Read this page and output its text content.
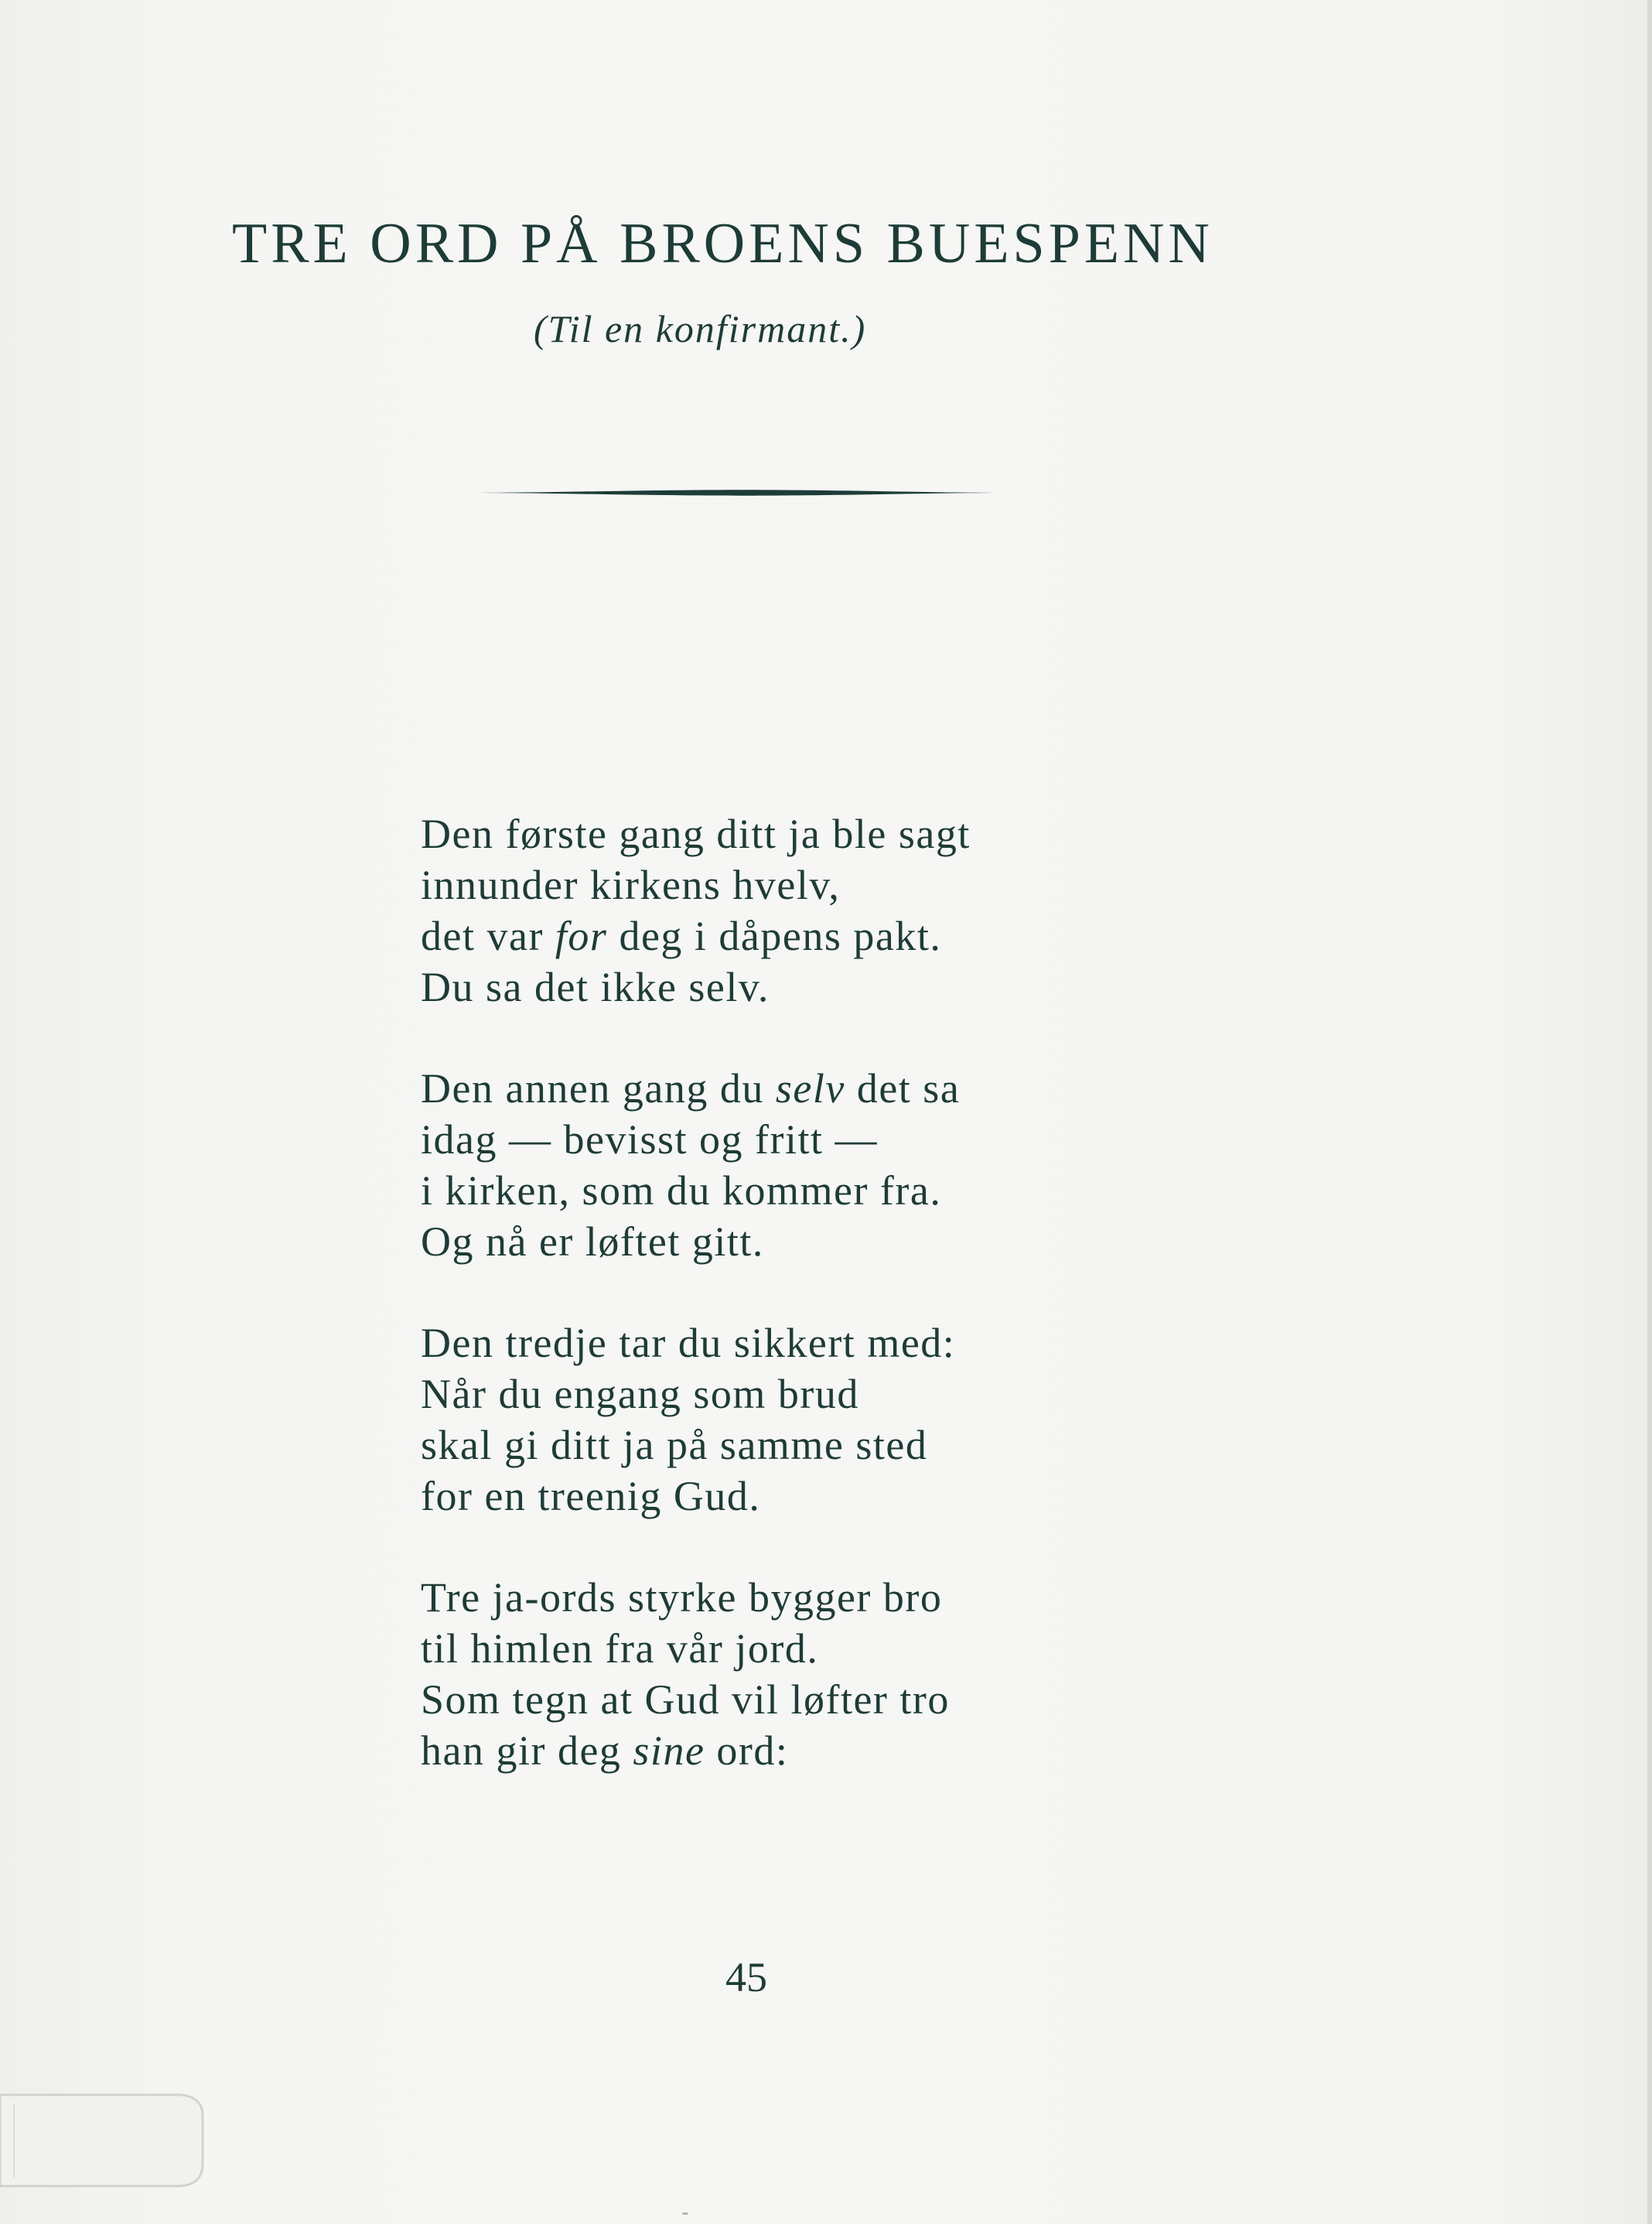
TRE ORD PÅ BROENS BUESPENN
(Til en konfirmant.)
Den første gang ditt ja ble sagt
innunder kirkens hvelv,
det var for deg i dåpens pakt.
Du sa det ikke selv.
Den annen gang du selv det sa
idag — bevisst og fritt —
i kirken, som du kommer fra.
Og nå er løftet gitt.
Den tredje tar du sikkert med:
Når du engang som brud
skal gi ditt ja på samme sted
for en treenig Gud.
Tre ja-ords styrke bygger bro
til himlen fra vår jord.
Som tegn at Gud vil løfter tro
han gir deg sine ord:
45
